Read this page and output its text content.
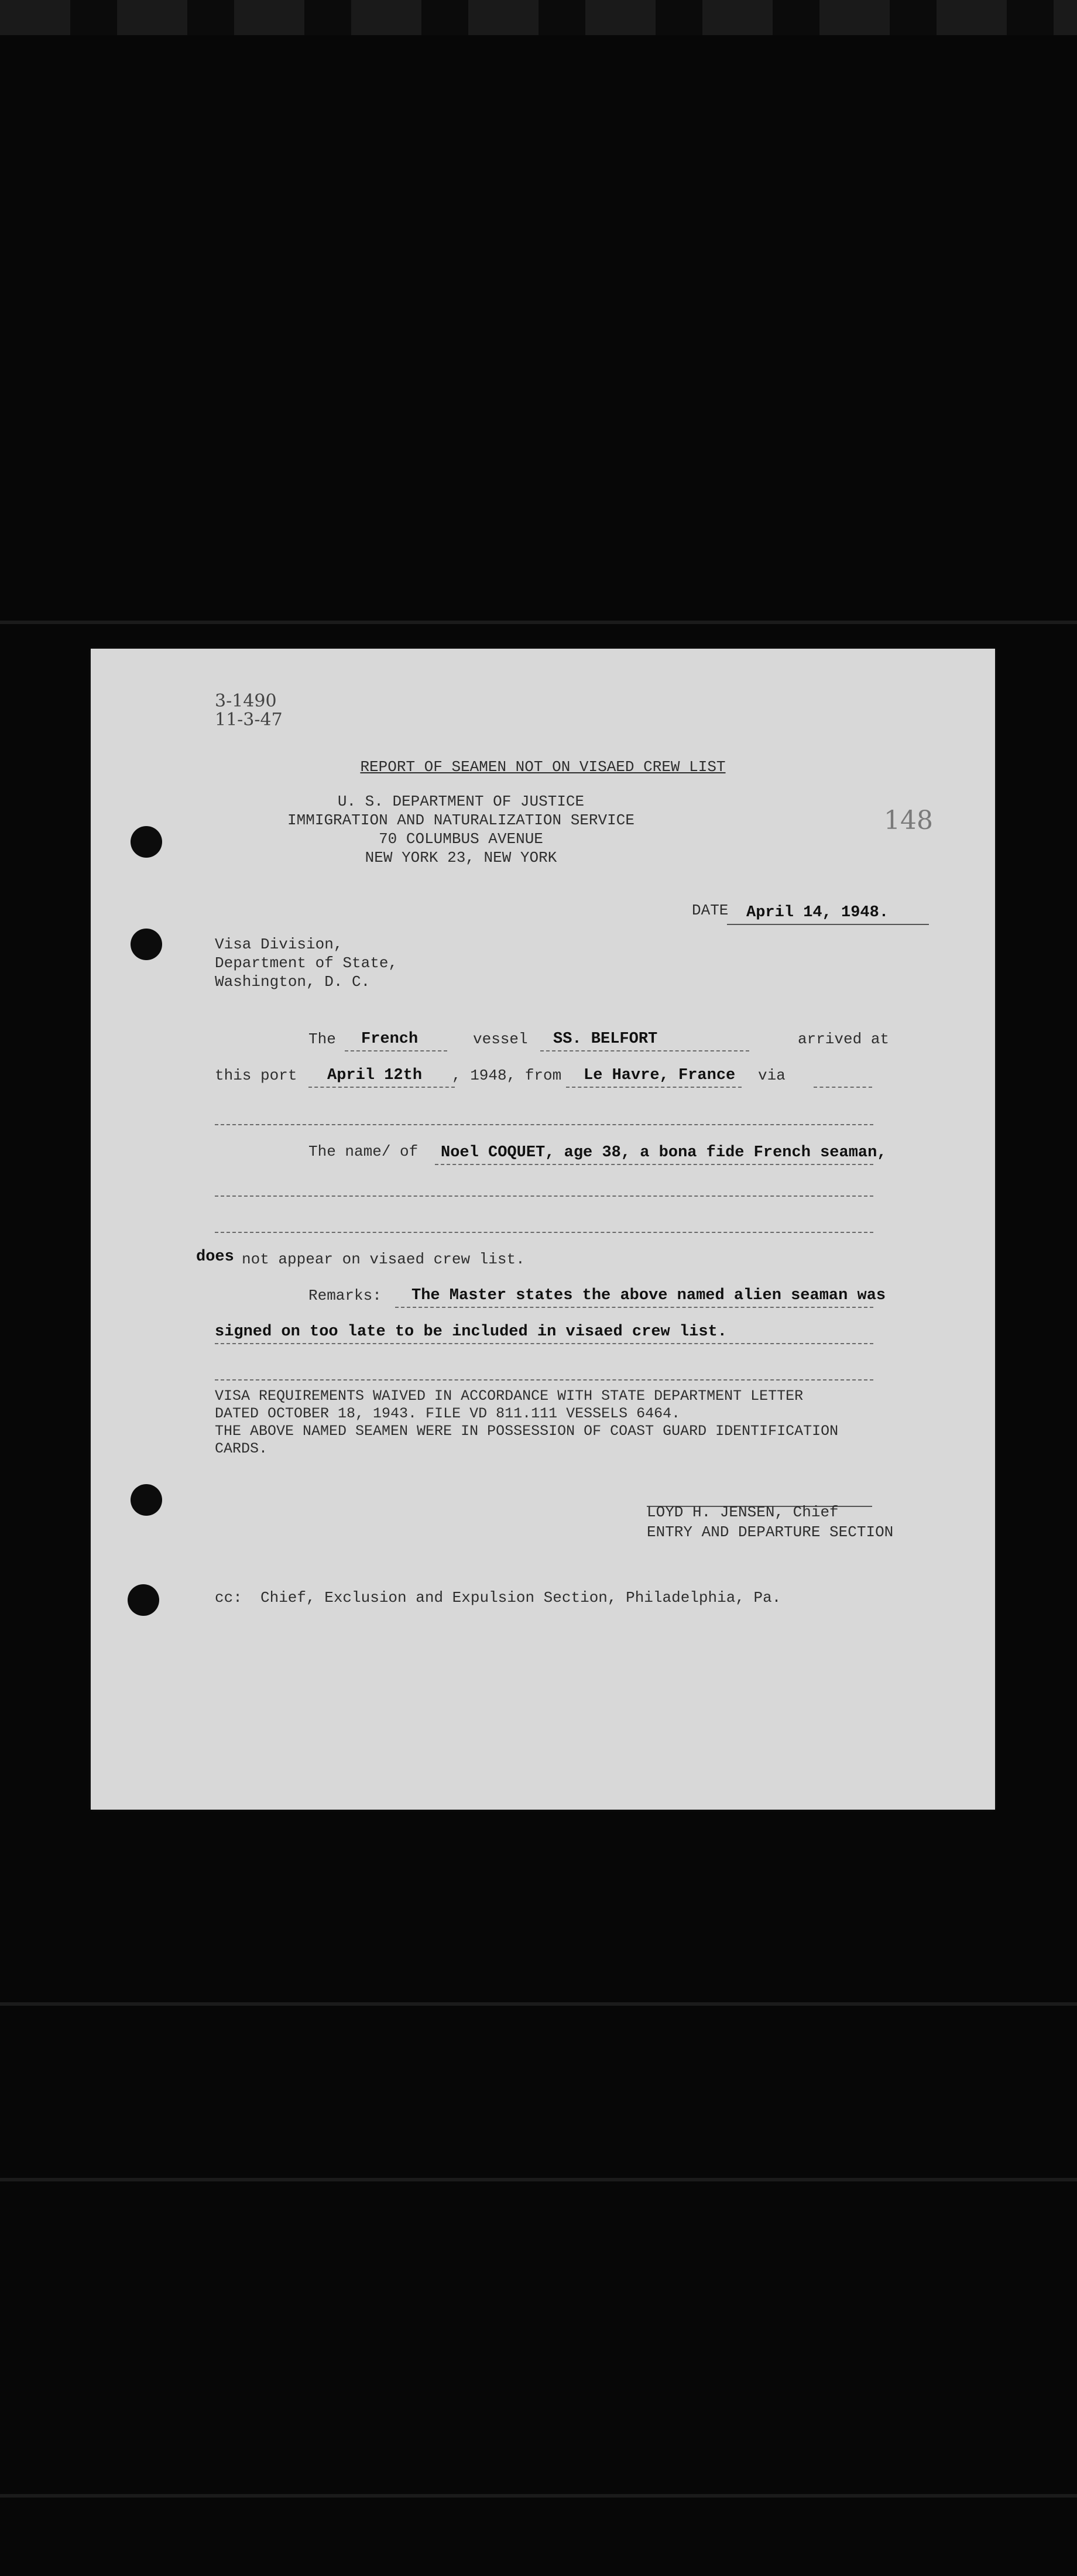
3-1490
11-3-47
REPORT OF SEAMEN NOT ON VISAED CREW LIST
U. S. DEPARTMENT OF JUSTICE
IMMIGRATION AND NATURALIZATION SERVICE
70 COLUMBUS AVENUE
NEW YORK 23, NEW YORK
148
DATE April 14, 1948.
Visa Division,
Department of State,
Washington, D. C.
The French	vessel SS. BELFORT	arrived at
this port April 12th , 1948, from Le Havre, France via
The name/ of Noel COQUET, age 38, a bona fide French seaman,
does not appear on visaed crew list.
Remarks: The Master states the above named alien seaman was
signed on too late to be included in visaed crew list.
VISA REQUIREMENTS WAIVED IN ACCORDANCE WITH STATE DEPARTMENT LETTER
DATED OCTOBER 18, 1943. FILE VD 811.111 VESSELS 6464.
THE ABOVE NAMED SEAMEN WERE IN POSSESSION OF COAST GUARD IDENTIFICATION
CARDS.
LOYD H. JENSEN, Chief
ENTRY AND DEPARTURE SECTION
cc: Chief, Exclusion and Expulsion Section, Philadelphia, Pa.
